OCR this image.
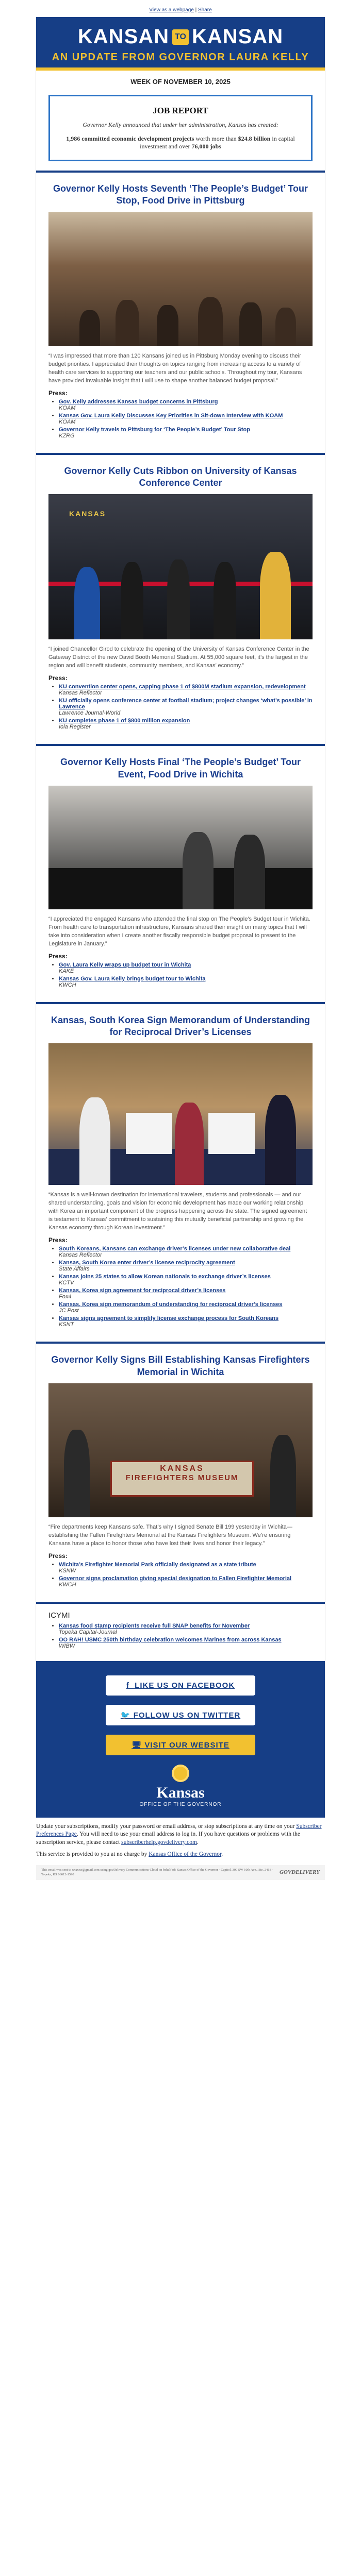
View as a webpage | Share
KANSAN TO KANSAN
AN UPDATE FROM GOVERNOR LAURA KELLY
WEEK OF NOVEMBER 10, 2025
JOB REPORT

Governor Kelly announced that under her administration, Kansas has created:

1,986 committed economic development projects worth more than $24.8 billion in capital investment and over 76,000 jobs

Governor Kelly Hosts Seventh ‘The People’s Budget’ Tour Stop, Food Drive in Pittsburg

“I was impressed that more than 120 Kansans joined us in Pittsburg Monday evening to discuss their budget priorities. I appreciated their thoughts on topics ranging from increasing access to a variety of health care services to supporting our teachers and our public schools. Throughout my tour, Kansans have provided invaluable insight that I will use to shape another balanced budget proposal.”

Press:
• Gov. Kelly addresses Kansas budget concerns in Pittsburg
KOAM
• Kansas Gov. Laura Kelly Discusses Key Priorities in Sit-down Interview with KOAM
KOAM
• Governor Kelly travels to Pittsburg for ‘The People’s Budget’ Tour Stop
KZRG
Governor Kelly Cuts Ribbon on University of Kansas Conference Center
KANSAS

“I joined Chancellor Girod to celebrate the opening of the University of Kansas Conference Center in the Gateway District of the new David Booth Memorial Stadium. At 55,000 square feet, it’s the largest in the region and will benefit students, community members, and Kansas’ economy.”

Press:
• KU convention center opens, capping phase 1 of $800M stadium expansion, redevelopment
Kansas Reflector
• KU officially opens conference center at football stadium; project changes ‘what’s possible’ in Lawrence
Lawrence Journal-World
• KU completes phase 1 of $800 million expansion
Iola Register
Governor Kelly Hosts Final ‘The People’s Budget’ Tour Event, Food Drive in Wichita

“I appreciated the engaged Kansans who attended the final stop on The People’s Budget tour in Wichita. From health care to transportation infrastructure, Kansans shared their insight on many topics that I will take into consideration when I create another fiscally responsible budget proposal to present to the Legislature in January.”

Press:
• Gov. Laura Kelly wraps up budget tour in Wichita
KAKE
• Kansas Gov. Laura Kelly brings budget tour to Wichita
KWCH
Kansas, South Korea Sign Memorandum of Understanding for Reciprocal Driver’s Licenses

“Kansas is a well-known destination for international travelers, students and professionals — and our shared understanding, goals and vision for economic development has made our working relationship with Korea an important component of the progress happening across the state. The signed agreement is testament to Kansas’ commitment to sustaining this mutually beneficial partnership and growing the Kansas economy through Korean investment.”

Press:
• South Koreans, Kansans can exchange driver’s licenses under new collaborative deal
Kansas Reflector
• Kansas, South Korea enter driver’s license reciprocity agreement
State Affairs
• Kansas joins 25 states to allow Korean nationals to exchange driver’s licenses
KCTV
• Kansas, Korea sign agreement for reciprocal driver’s licenses
Fox4
• Kansas, Korea sign memorandum of understanding for reciprocal driver’s licenses
JC Post
• Kansas signs agreement to simplify license exchange process for South Koreans
KSNT
Governor Kelly Signs Bill Establishing Kansas Firefighters Memorial in Wichita
KANSAS
FIREFIGHTERS MUSEUM

“Fire departments keep Kansans safe. That’s why I signed Senate Bill 199 yesterday in Wichita—establishing the Fallen Firefighters Memorial at the Kansas Firefighters Museum. We’re ensuring Kansans have a place to honor those who have lost their lives and honor their legacy.”

Press:
• Wichita’s Firefighter Memorial Park officially designated as a state tribute
KSNW
• Governor signs proclamation giving special designation to Fallen Firefighter Memorial
KWCH
ICYMI
• Kansas food stamp recipients receive full SNAP benefits for November
Topeka Capital-Journal
• OO RAH! USMC 250th birthday celebration welcomes Marines from across Kansas
WIBW
f  LIKE US ON FACEBOOK
🐦 FOLLOW US ON TWITTER
🖥 VISIT OUR WEBSITE
Kansas
OFFICE OF THE GOVERNOR

Update your subscriptions, modify your password or email address, or stop subscriptions at any time on your Subscriber Preferences Page. You will need to use your email address to log in. If you have questions or problems with the subscription service, please contact subscriberhelp.govdelivery.com.

This service is provided to you at no charge by Kansas Office of the Governor.

This email was sent to xxxxxx@gmail.com using govDelivery Communications Cloud on behalf of: Kansas Office of the Governor · Capitol, 300 SW 10th Ave., Ste. 241S · Topeka, KS 66612-1590	GOVDELIVERY
